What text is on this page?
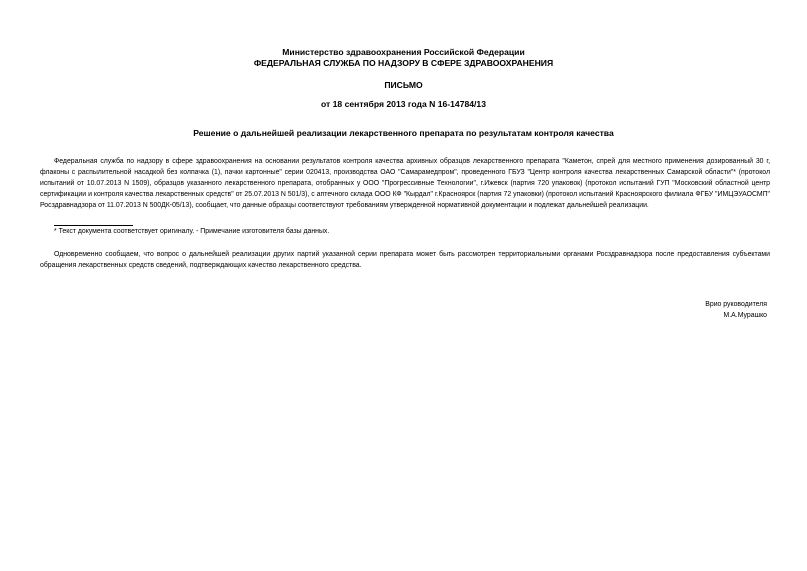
Министерство здравоохранения Российской Федерации
ФЕДЕРАЛЬНАЯ СЛУЖБА ПО НАДЗОРУ В СФЕРЕ ЗДРАВООХРАНЕНИЯ
ПИСЬМО
от 18 сентября 2013 года N 16-14784/13
Решение о дальнейшей реализации лекарственного препарата по результатам контроля качества
Федеральная служба по надзору в сфере здравоохранения на основании результатов контроля качества архивных образцов лекарственного препарата "Каметон, спрей для местного применения дозированный 30 г, флаконы с распылительной насадкой без колпачка (1), пачки картонные" серии 020413, производства ОАО "Самарамедпром", проведенного ГБУЗ "Центр контроля качества лекарственных Самарской области"* (протокол испытаний от 10.07.2013 N 1509), образцов указанного лекарственного препарата, отобранных у ООО "Прогрессивные Технологии", г.Ижевск (партия 720 упаковок) (протокол испытаний ГУП "Московский областной центр сертификации и контроля качества лекарственных средств" от 25.07.2013 N 501/3), с аптечного склада ООО КФ "Кырдал" г.Красноярск (партия 72 упаковки) (протокол испытаний Красноярского филиала ФГБУ "ИМЦЭУАОСМП" Росздравнадзора от 11.07.2013 N 500ДК-05/13), сообщает, что данные образцы соответствуют требованиям утвержденной нормативной документации и подлежат дальнейшей реализации.
* Текст документа соответствует оригиналу. - Примечание изготовителя базы данных.
Одновременно сообщаем, что вопрос о дальнейшей реализации других партий указанной серии препарата может быть рассмотрен территориальными органами Росздравнадзора после предоставления субъектами обращения лекарственных средств сведений, подтверждающих качество лекарственного средства.
Врио руководителя
М.А.Мурашко
